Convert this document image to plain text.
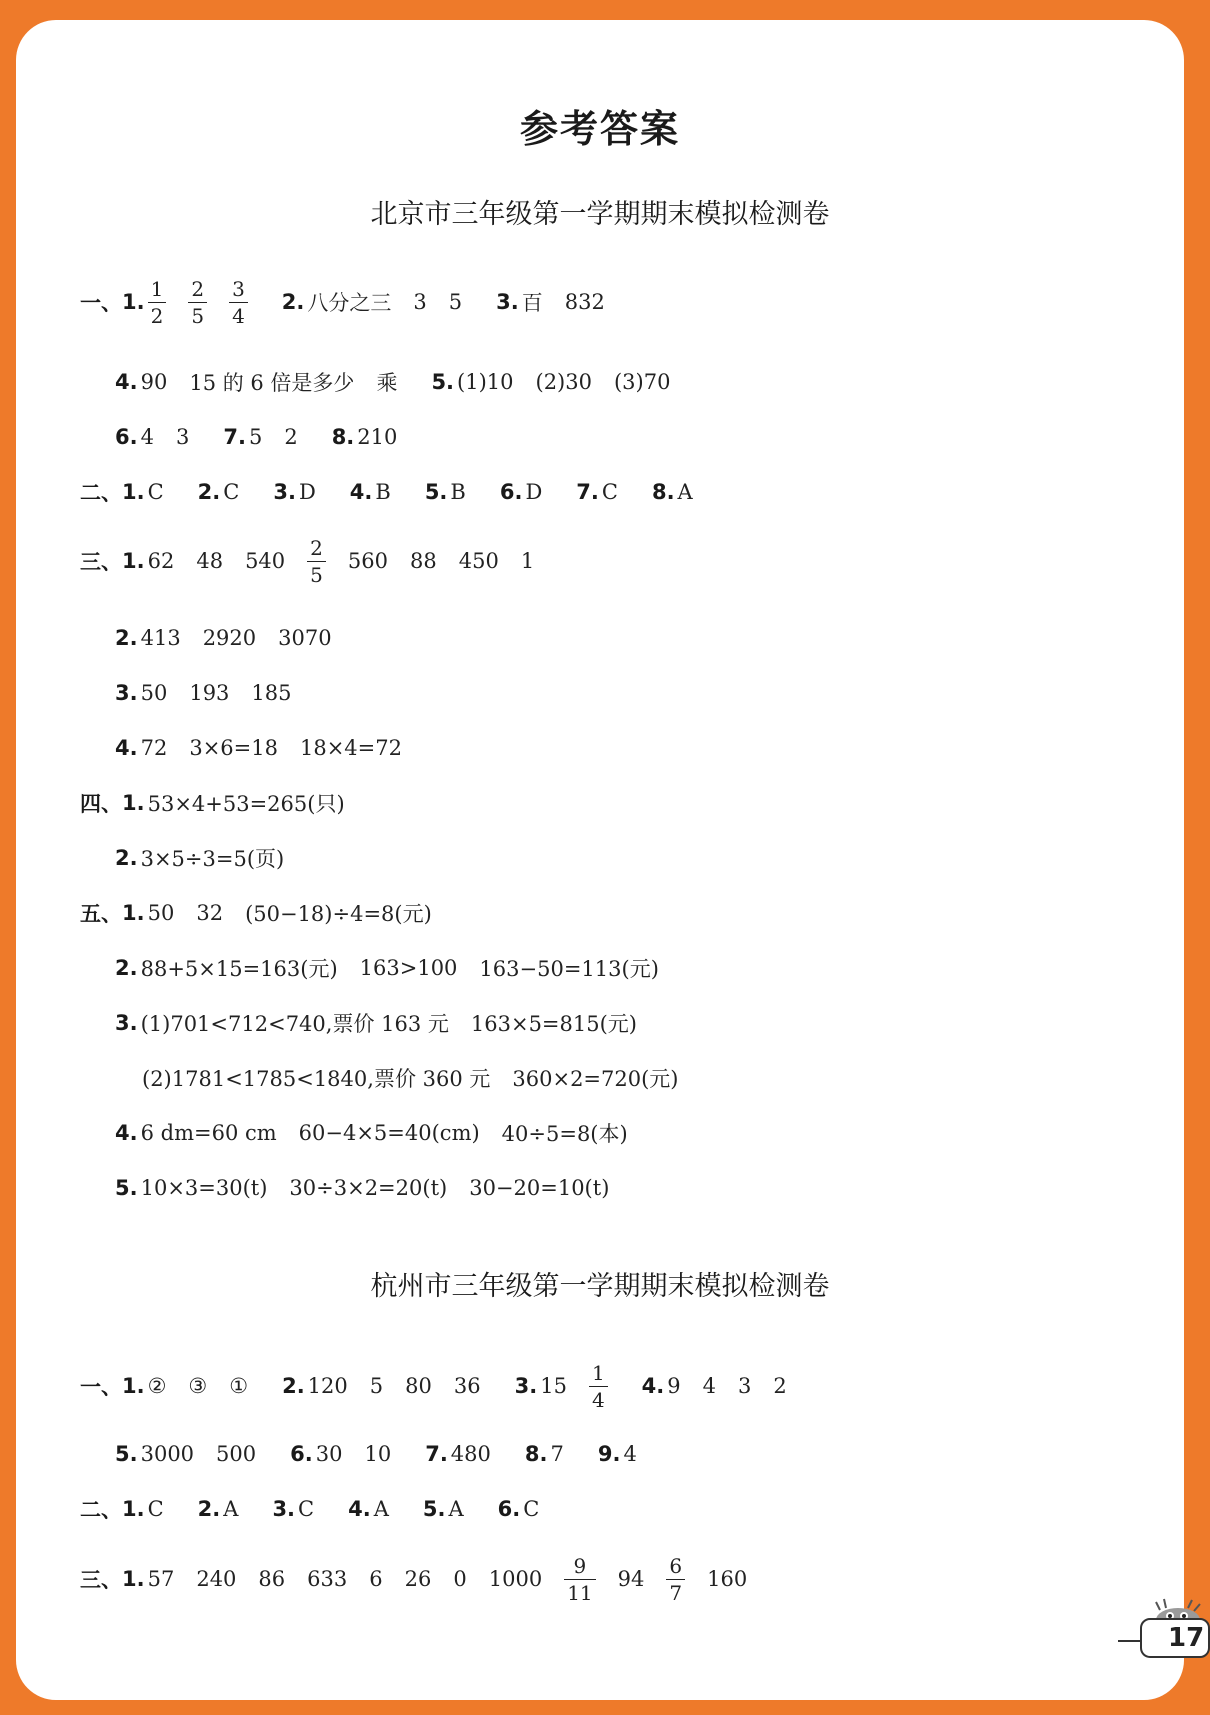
参考答案
北京市三年级第一学期期末模拟检测卷
一、 1. $\frac{1}{2} \frac{2}{5} \frac{3}{4} 2$. 八分之三 3 5 3. 百 832
4. 90 15 的 6 倍是多少 乘 5. (1)10 (2)30 (3)70
6. 4 3 7. 5 2 8. 210
二、 1. C 2. C 3. D 4. B 5. B 6. D 7. C 8. A
三、 1. 62 48 $540 \frac{2}{5} 560$ 88 450 1
2. 413 2920 3070
3. 50 193 185
4. 72 3×6=18 18×4=72
四、 1. 53×4+53=265(只)
2. 3×5÷3=5(页)
五、 1. 50 32 (50−18)÷4=8(元)
2. 88+5×15=163(元) 163>100 163−50=113(元)
3. (1)701<712<740,票价 163 元 163×5=815(元)
(2)1781<1785<1840,票价 360 元 360×2=720(元)
4. 6 dm=60 cm 60−4×5=40(cm) 40÷5=8(本)
5. 10×3=30(t) 30÷3×2=20(t) 30−20=10(t)
杭州市三年级第一学期期末模拟检测卷
一、 1. ② ③ ① 2. 120 5 80 36 3. $15 \frac{1}{4} 4$. 9 4 3 2
5. 3000 500 6. 30 10 7. 480 8. 7 9. 4
二、 1. C 2. A 3. C 4. A 5. A 6. C
三、 1. 57 240 86 633 6 26 0 $1000 \frac{9}{11} 94 \frac{6}{7} 160$
17
